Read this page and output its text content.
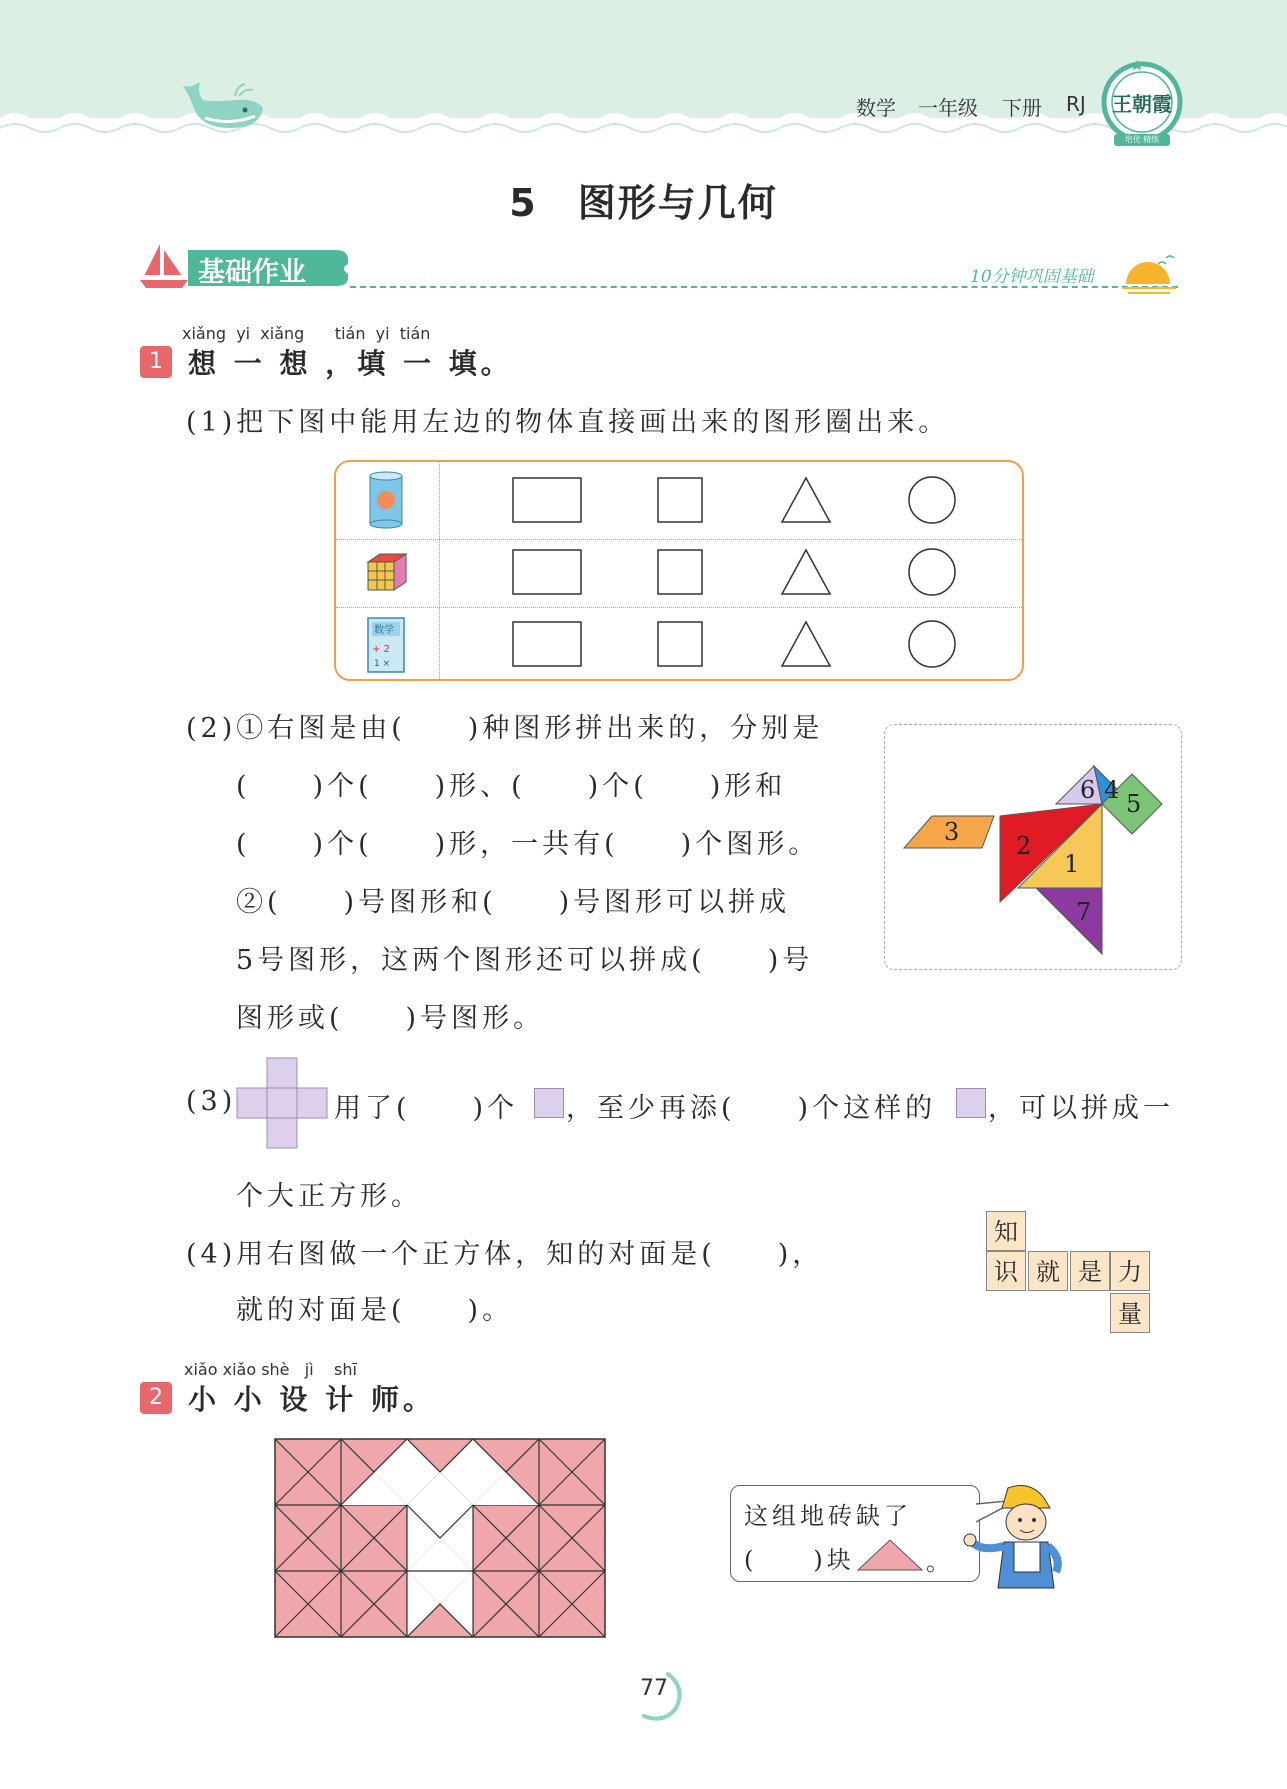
数学 一年级 下册 RJ 王朝霞
培优·精练
5　图形与几何
基础作业	10分钟巩固基础
xiǎng  yi  xiǎng      tián  yi  tián
1 想 一 想 ，填 一 填。
(1)把下图中能用左边的物体直接画出来的图形圈出来。
数学
+ 2
1 ×
(2)①右图是由(　　)种图形拼出来的，分别是
(　　)个(　　)形、(　　)个(　　)形和
(　　)个(　　)形，一共有(　　)个图形。
②(　　)号图形和(　　)号图形可以拼成
5号图形，这两个图形还可以拼成(　　)号
图形或(　　)号图形。
6 4 5
3 2
1
7
(3)	用了(　　)个 ，至少再添(　　)个这样的 ，可以拼成一
个大正方形。
(4)用右图做一个正方体，知的对面是(　　)，
就的对面是(　　)。
知
识 就 是 力
量
xiǎo xiǎo shè   jì    shī
2 小 小 设 计 师。
这组地砖缺了
(　　)块	。
77
